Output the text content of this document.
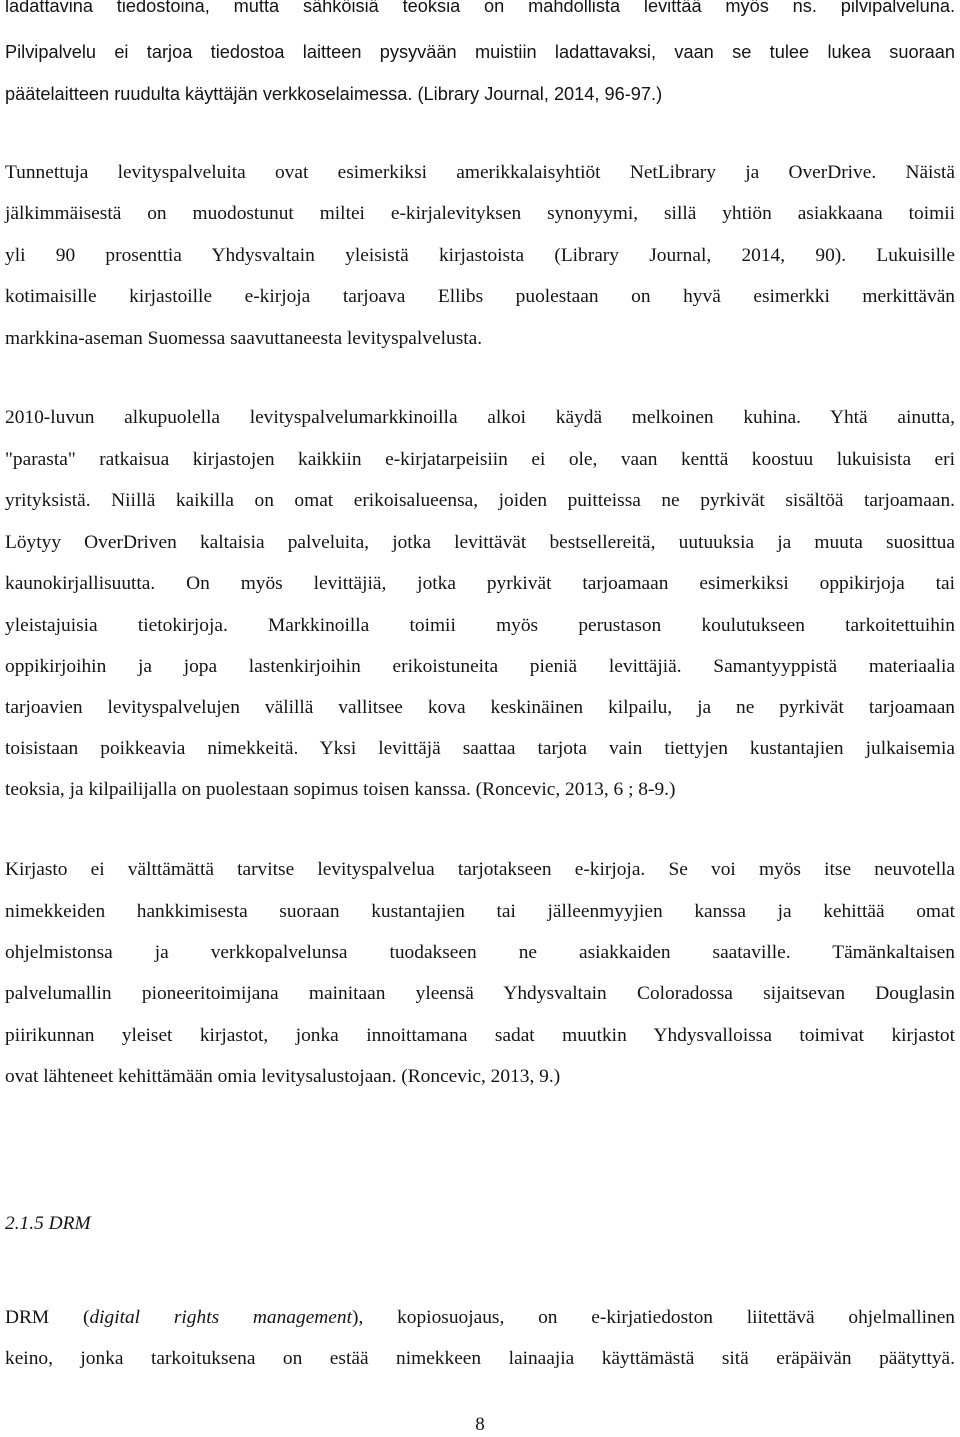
ladattavina tiedostoina, mutta sähköisiä teoksia on mahdollista levittää myös ns. pilvipalveluna.
Pilvipalvelu ei tarjoa tiedostoa laitteen pysyvään muistiin ladattavaksi, vaan se tulee lukea suoraan
päätelaitteen ruudulta käyttäjän verkkoselaimessa. (Library Journal, 2014, 96-97.)
Tunnettuja levityspalveluita ovat esimerkiksi amerikkalaisyhtiöt NetLibrary ja OverDrive. Näistä
jälkimmäisestä on muodostunut miltei e-kirjalevityksen synonyymi, sillä yhtiön asiakkaana toimii
yli 90 prosenttia Yhdysvaltain yleisistä kirjastoista (Library Journal, 2014, 90). Lukuisille
kotimaisille kirjastoille e-kirjoja tarjoava Ellibs puolestaan on hyvä esimerkki merkittävän
markkina-aseman Suomessa saavuttaneesta levityspalvelusta.
2010-luvun alkupuolella levityspalvelumarkkinoilla alkoi käydä melkoinen kuhina. Yhtä ainutta,
"parasta" ratkaisua kirjastojen kaikkiin e-kirjatarpeisiin ei ole, vaan kenttä koostuu lukuisista eri
yrityksistä. Niillä kaikilla on omat erikoisalueensa, joiden puitteissa ne pyrkivät sisältöä tarjoamaan.
Löytyy OverDriven kaltaisia palveluita, jotka levittävät bestsellereitä, uutuuksia ja muuta suosittua
kaunokirjallisuutta. On myös levittäjiä, jotka pyrkivät tarjoamaan esimerkiksi oppikirjoja tai
yleistajuisia tietokirjoja. Markkinoilla toimii myös perustason koulutukseen tarkoitettuihin
oppikirjoihin ja jopa lastenkirjoihin erikoistuneita pieniä levittäjiä. Samantyyppistä materiaalia
tarjoavien levityspalvelujen välillä vallitsee kova keskinäinen kilpailu, ja ne pyrkivät tarjoamaan
toisistaan poikkeavia nimekkeitä. Yksi levittäjä saattaa tarjota vain tiettyjen kustantajien julkaisemia
teoksia, ja kilpailijalla on puolestaan sopimus toisen kanssa. (Roncevic, 2013, 6 ; 8-9.)
Kirjasto ei välttämättä tarvitse levityspalvelua tarjotakseen e-kirjoja. Se voi myös itse neuvotella
nimekkeiden hankkimisesta suoraan kustantajien tai jälleenmyyjien kanssa ja kehittää omat
ohjelmistonsa ja verkkopalvelunsa tuodakseen ne asiakkaiden saataville. Tämänkaltaisen
palvelumallin pioneeritoimijana mainitaan yleensä Yhdysvaltain Coloradossa sijaitsevan Douglasin
piirikunnan yleiset kirjastot, jonka innoittamana sadat muutkin Yhdysvalloissa toimivat kirjastot
ovat lähteneet kehittämään omia levitysalustojaan. (Roncevic, 2013, 9.)
2.1.5 DRM
DRM (digital rights management), kopiosuojaus, on e-kirjatiedoston liitettävä ohjelmallinen
keino, jonka tarkoituksena on estää nimekkeen lainaajia käyttämästä sitä eräpäivän päätyttyä.
8
